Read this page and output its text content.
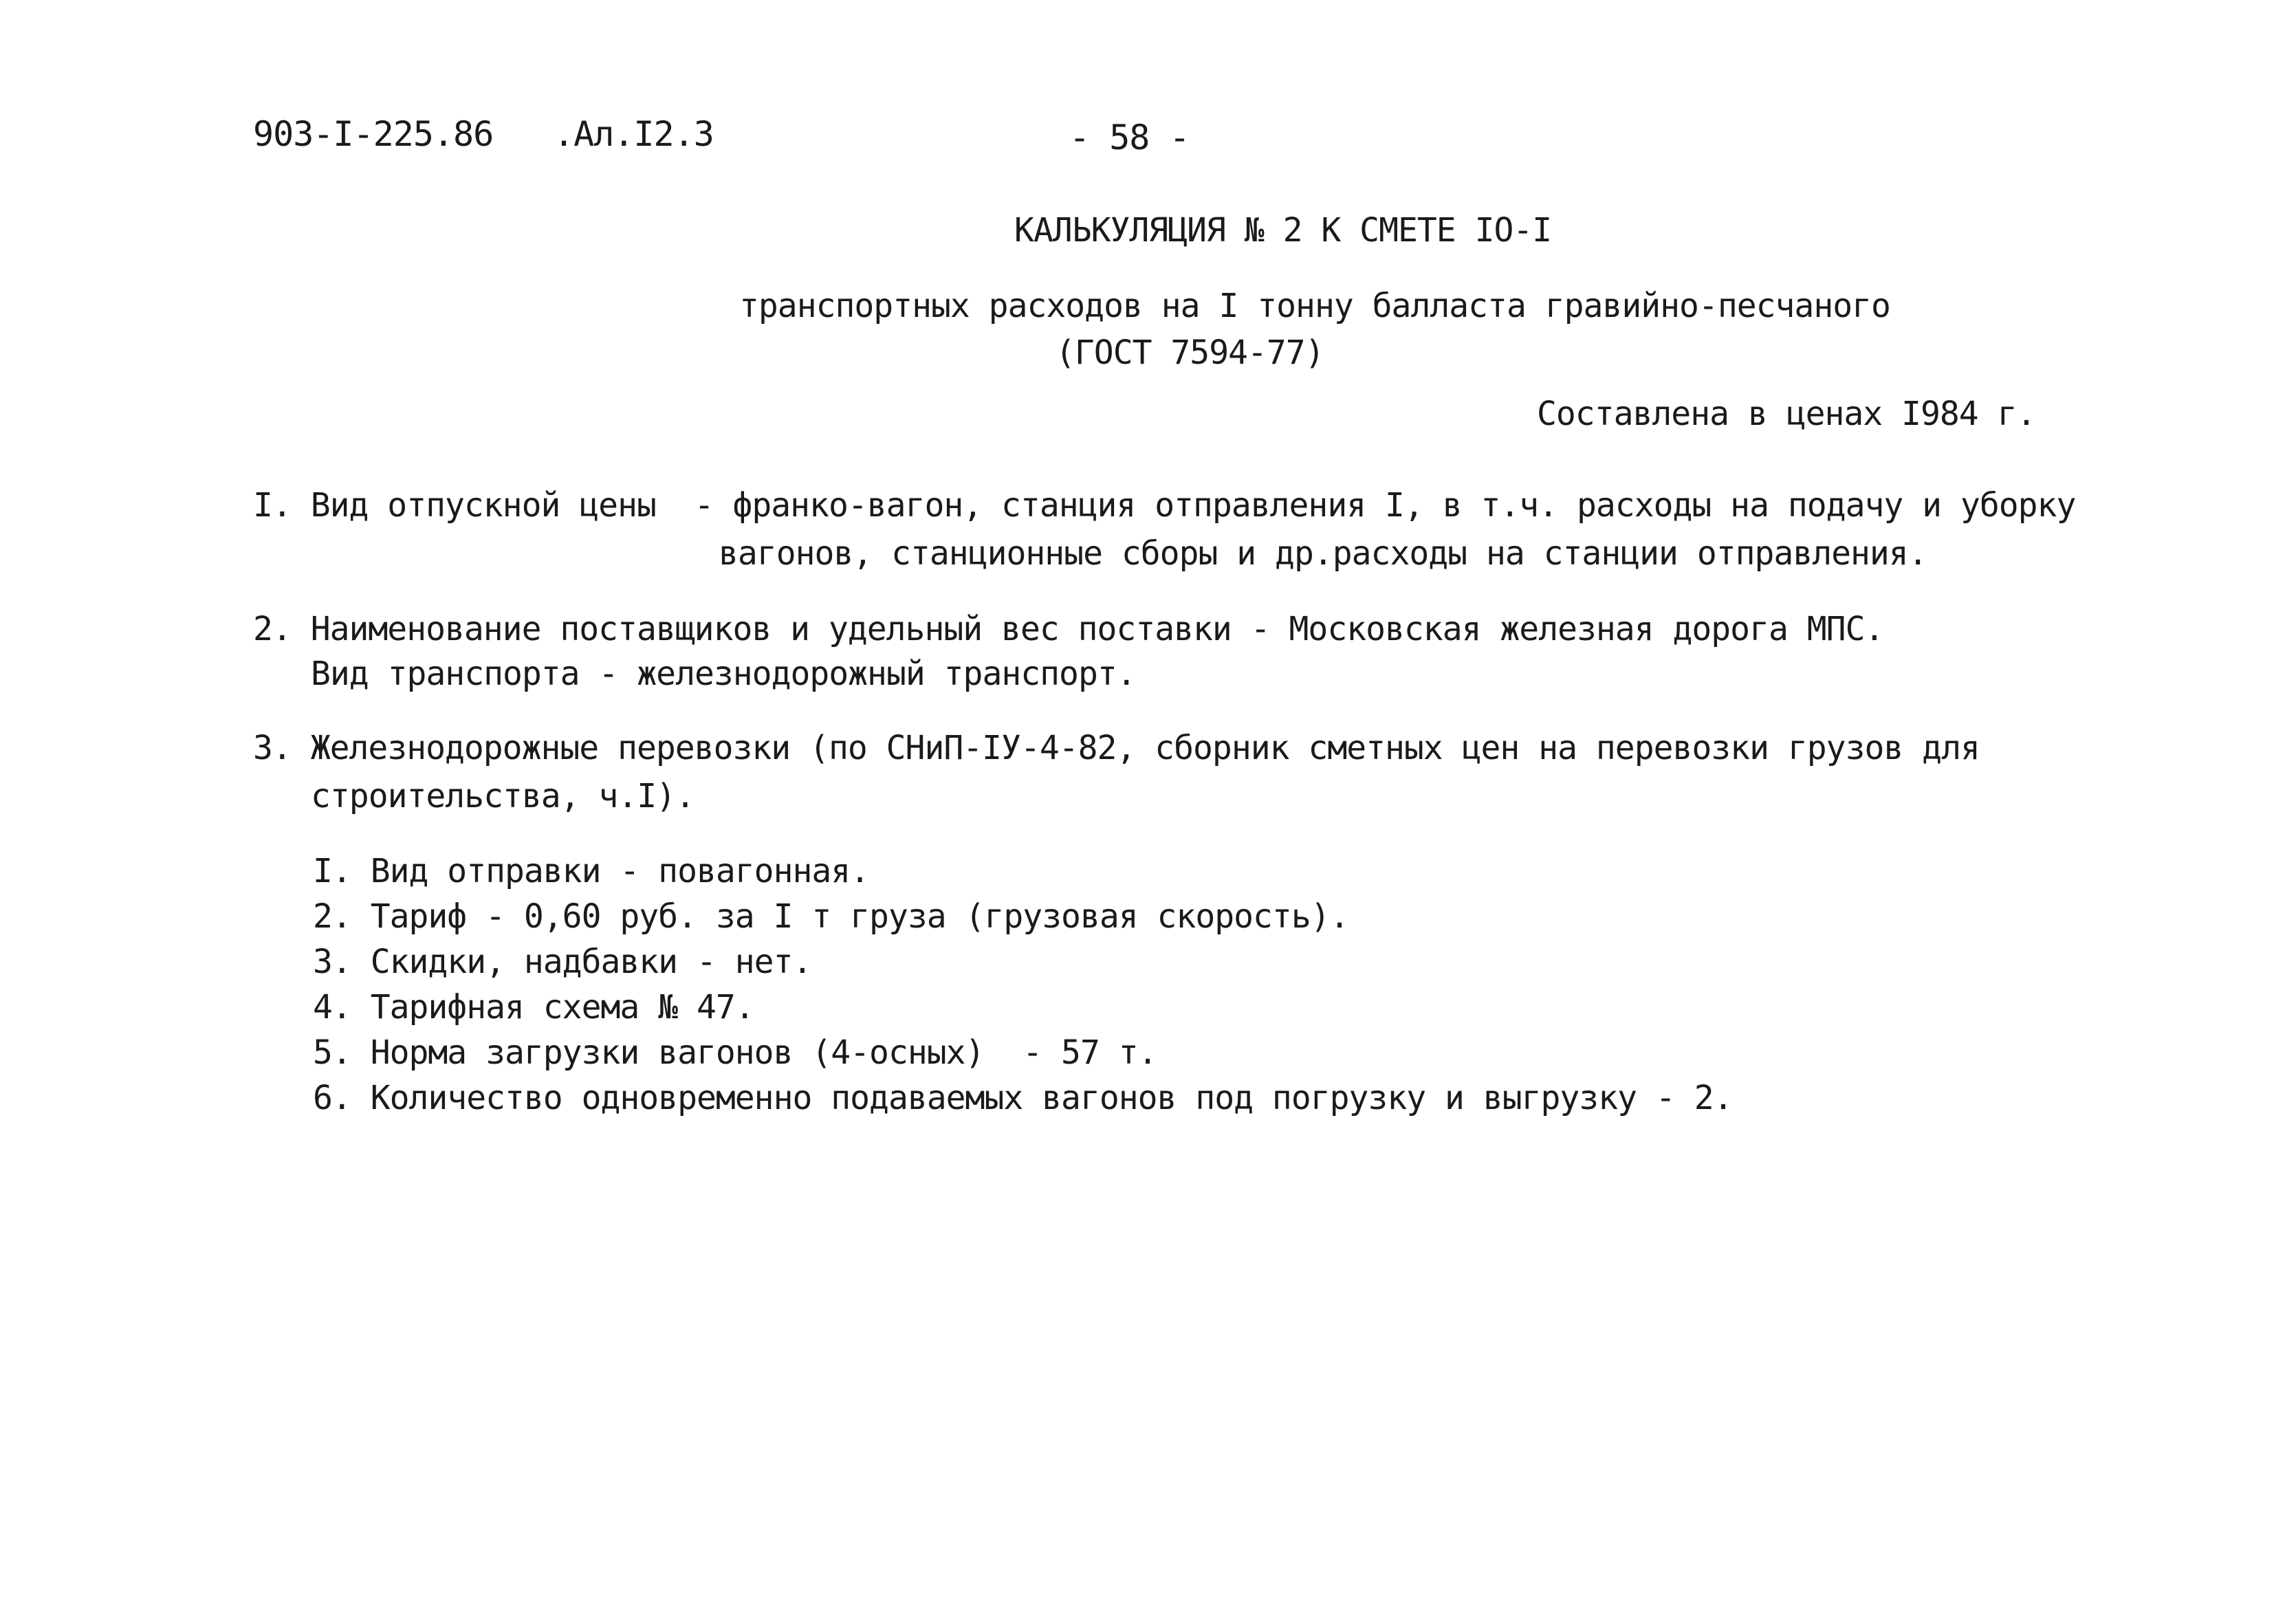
903-I-225.86 .Ал.I2.3	- 58 -
КАЛЬКУЛЯЦИЯ № 2 К СМЕТЕ IO-I
транспортных расходов на I тонну балласта гравийно-песчаного
(ГОСТ 7594-77)
Составлена в ценах I984 г.
I. Вид отпускной цены  - франко-вагон, станция отправления I, в т.ч. расходы на подачу и уборку
вагонов, станционные сборы и др.расходы на станции отправления.
2. Наименование поставщиков и удельный вес поставки - Московская железная дорога МПС.
Вид транспорта - железнодорожный транспорт.
3. Железнодорожные перевозки (по СНиП-IУ-4-82, сборник сметных цен на перевозки грузов для
строительства, ч.I).
I. Вид отправки - повагонная.
2. Тариф - 0,60 руб. за I т груза (грузовая скорость).
3. Скидки, надбавки - нет.
4. Тарифная схема № 47.
5. Норма загрузки вагонов (4-осных)  - 57 т.
6. Количество одновременно подаваемых вагонов под погрузку и выгрузку - 2.
